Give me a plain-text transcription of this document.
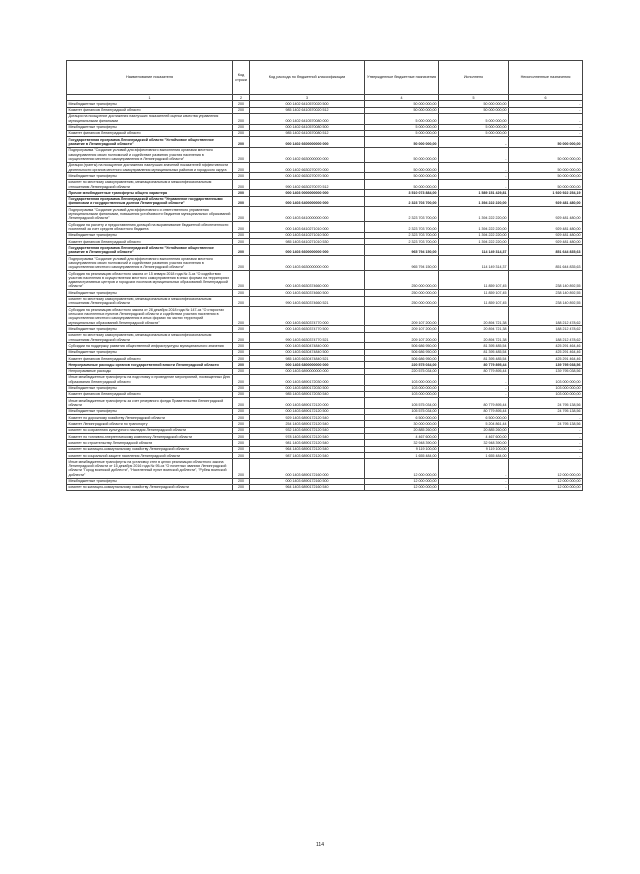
Наименование показателя	Код строки	Код расхода по бюджетной классификации	Утвержденные бюджетные назначения	Исполнено	Неисполненные назначения
1	2	3	4	5	6
Межбюджетные трансферты	200	000 1402 6410570020 500	50 000 000,00	50 000 000,00	-
Комитет финансов Ленинградской области	200	985 1402 6410570020 512	50 000 000,00	50 000 000,00	-
Дотация на поощрение достижения наилучших показателей оценки качества управления муниципальными финансами	200	000 1402 6410570080 000	5 000 000,00	5 000 000,00	-
Межбюджетные трансферты	200	000 1402 6410570080 500	5 000 000,00	5 000 000,00	-
Комитет финансов Ленинградской области	200	985 1402 6410570080 512	5 000 000,00	5 000 000,00	-
Государственная программа Ленинградской области "Устойчивое общественное развитие в Ленинградской области"	200	000 1402 6600000000 000	50 000 000,00	-	50 000 000,00
Подпрограмма "Создание условий для эффективного выполнения органами местного самоуправления своих полномочий и содействие развитию участия населения в осуществлении местного самоуправления в Ленинградской области"	200	000 1402 6630000000 000	50 000 000,00	-	50 000 000,00
Дотации (гранты) на поощрение достижения наилучших значений показателей эффективности деятельности органов местного самоуправления муниципальных районов и городского округа	200	000 1402 6630270070 000	50 000 000,00	-	50 000 000,00
Межбюджетные трансферты	200	000 1402 6630270070 500	50 000 000,00	-	50 000 000,00
комитет по местному самоуправлению, межнациональным и межконфессиональным отношениям Ленинградской области	200	990 1402 6630270070 512	50 000 000,00	-	50 000 000,00
Прочие межбюджетные трансферты общего характера	200	000 1403 0000000000 000	3 510 073 884,00	1 589 151 429,81	1 920 922 254,19
Государственная программа Ленинградской области "Управление государственными финансами и государственным долгом Ленинградской области"	200	000 1403 6400000000 000	2 323 703 700,00	1 394 222 220,00	929 481 480,00
Подпрограмма "Создание условий для эффективного и ответственного управления муниципальными финансами, повышения устойчивости бюджетов муниципальных образований Ленинградской области"	200	000 1403 6410000000 000	2 323 703 700,00	1 394 222 220,00	929 481 480,00
Субсидии на расчету и предоставлению дотаций на выравнивание бюджетной обеспеченности поселений за счет средств областного бюджета	200	000 1403 6410271010 000	2 323 703 700,00	1 394 222 220,00	929 481 480,00
Межбюджетные трансферты	200	000 1403 6410271010 500	2 323 703 700,00	1 394 222 220,00	929 481 480,00
Комитет финансов Ленинградской области	200	985 1403 6410271010 530	2 323 703 700,00	1 394 222 220,00	929 481 480,00
Государственная программа Ленинградской области "Устойчивое общественное развитие в Ленинградской области"	200	000 1403 6600000000 000	965 794 150,00	114 149 314,37	851 644 835,63
Подпрограмма "Создание условий для эффективного выполнения органами местного самоуправления своих полномочий и содействие развитию участия населения в осуществлении местного самоуправления в Ленинградской области"	200	000 1403 6630000000 000	965 794 150,00	114 149 314,37	851 644 835,63
Субсидия на реализацию областного закона от 15 января 2018 года № 3-оз "О содействии участию населения в осуществлении местного самоуправления в иных формах на территориях административных центров и городских поселков муниципальных образований Ленинградской области"	200	000 1403 6630374660 000	250 000 000,00	11 859 107,45	238 140 892,55
Межбюджетные трансферты	200	000 1403 6630374660 500	250 000 000,00	11 859 107,45	238 140 892,55
комитет по местному самоуправлению, межнациональным и межконфессиональным отношениям Ленинградской области	200	990 1403 6630374660 521	250 000 000,00	11 859 107,45	238 140 892,55
Субсидия на реализацию областного закона от 28 декабря 2018 года № 147-оз "О старостах сельских населенных пунктов Ленинградской области и содействии участию населения в осуществлении местного самоуправления в иных формах на частях территорий муниципальных образований Ленинградской области"	200	000 1403 6630374770 000	209 107 200,00	20 894 721,38	188 212 478,62
Межбюджетные трансферты	200	000 1403 6630374770 500	209 107 200,00	20 894 721,38	188 212 478,62
комитет по местному самоуправлению, межнациональным и межконфессиональным отношениям Ленинградской области	200	990 1403 6630374770 521	209 107 200,00	20 894 721,38	188 212 478,62
Субсидии на поддержку развития общественной инфраструктуры муниципального значения	200	000 1403 6630474840 000	506 686 950,00	81 395 485,54	425 291 464,46
Межбюджетные трансферты	200	000 1403 6630474840 500	506 686 950,00	81 395 485,54	425 291 464,46
Комитет финансов Ленинградской области	200	985 1403 6630474840 521	506 686 950,00	81 395 485,54	425 291 464,46
Непрограммные расходы органов государственной власти Ленинградской области	200	000 1403 6800000000 000	220 575 034,00	80 779 895,44	139 795 038,56
Непрограммные расходы	200	000 1403 6890000000 000	220 575 034,00	80 779 895,44	139 795 038,56
Иные межбюджетные трансферты на подготовку и проведение мероприятий, посвященных Дню образования Ленинградской области	200	000 1403 6890172030 000	103 000 000,00	-	103 000 000,00
Межбюджетные трансферты	200	000 1403 6890172030 500	103 000 000,00	-	103 000 000,00
Комитет финансов Ленинградской области	200	985 1403 6890172030 540	103 000 000,00	-	103 000 000,00
Иные межбюджетные трансферты за счет резервного фонда Правительства Ленинградской области	200	000 1403 6890172120 000	105 575 034,00	80 779 895,44	24 795 138,56
Межбюджетные трансферты	200	000 1403 6890172120 500	105 575 034,00	80 779 895,44	24 795 138,56
Комитет по дорожному хозяйству Ленинградской области	200	929 1403 6890172120 540	6 500 000,00	6 500 000,00	-
Комитет Ленинградской области по транспорту	200	254 1403 6890172120 540	30 000 000,00	5 204 861,44	24 795 138,56
комитет по сохранению культурного наследия Ленинградской области	200	932 1403 6890172120 540	20 885 260,00	20 885 260,00	-
Комитет по топливно-энергетическому комплексу Ленинградской области	200	978 1403 6890172120 540	4 467 600,00	4 467 600,00	-
комитет по строительству Ленинградской области	200	981 1403 6890172120 540	32 948 390,00	32 948 390,00	-
комитет по жилищно-коммунальному хозяйству Ленинградской области	200	964 1403 6890172120 540	9 119 100,00	9 119 100,00	-
комитет по социальной защите населения Ленинградской области	200	987 1403 6890172120 540	1 655 484,00	1 655 484,00	-
Иные межбюджетные трансферты на установку стел в целях реализации областного закона Ленинградской области от 15 декабря 2016 года № 95-оз "О почетных званиях Ленинградской области "Город воинской доблести", "Населенный пункт воинской доблести", "Рубеж воинской доблести"	200	000 1403 6890172160 000	12 000 000,00	-	12 000 000,00
Межбюджетные трансферты	200	000 1403 6890172160 500	12 000 000,00	-	12 000 000,00
комитет по жилищно-коммунальному хозяйству Ленинградской области	200	964 1403 6890172160 540	12 000 000,00	-	12 000 000,00
114
